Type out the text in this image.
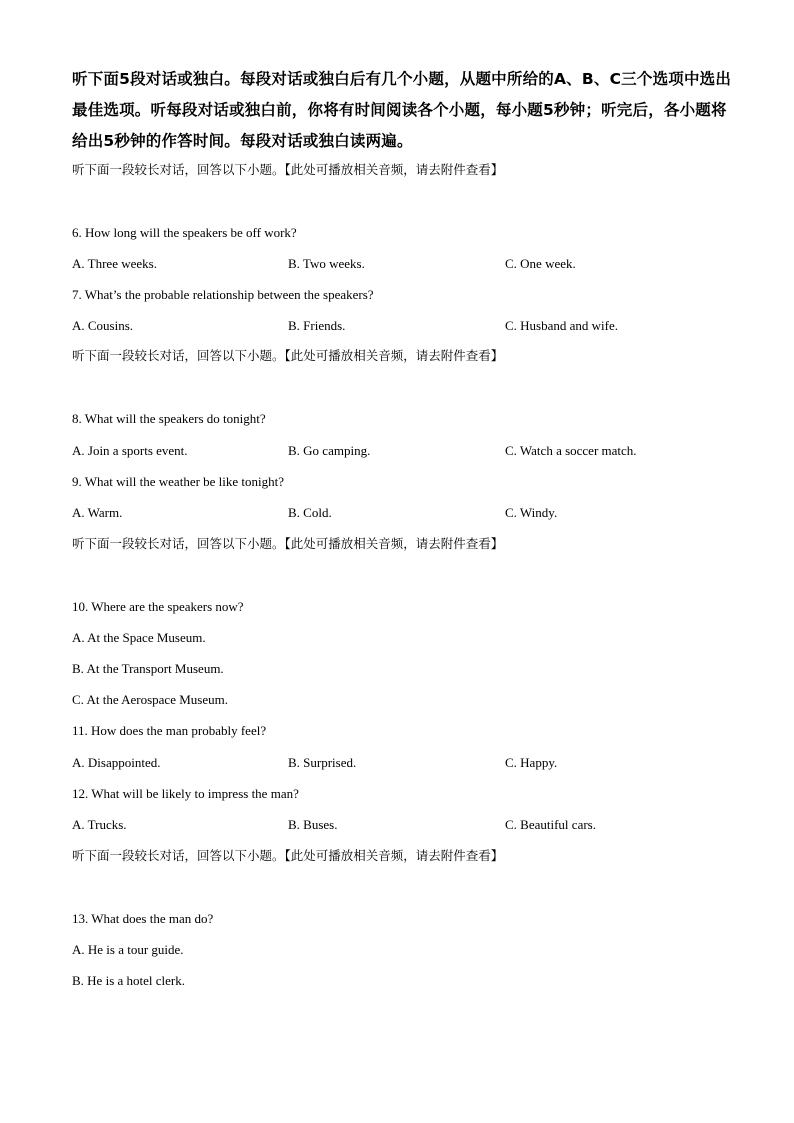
听下面5段对话或独白。每段对话或独白后有几个小题，从题中所给的A、B、C三个选项中选出最佳选项。听每段对话或独白前，你将有时间阅读各个小题，每小题5秒钟；听完后，各小题将给出5秒钟的作答时间。每段对话或独白读两遍。
听下面一段较长对话，回答以下小题。【此处可播放相关音频，请去附件查看】
6. How long will the speakers be off work?
A. Three weeks.	B. Two weeks.	C. One week.
7. What’s the probable relationship between the speakers?
A. Cousins.	B. Friends.	C. Husband and wife.
听下面一段较长对话，回答以下小题。【此处可播放相关音频，请去附件查看】
8. What will the speakers do tonight?
A. Join a sports event.	B. Go camping.	C. Watch a soccer match.
9. What will the weather be like tonight?
A. Warm.	B. Cold.	C. Windy.
听下面一段较长对话，回答以下小题。【此处可播放相关音频，请去附件查看】
10. Where are the speakers now?
A. At the Space Museum.
B. At the Transport Museum.
C. At the Aerospace Museum.
11. How does the man probably feel?
A. Disappointed.	B. Surprised.	C. Happy.
12. What will be likely to impress the man?
A. Trucks.	B. Buses.	C. Beautiful cars.
听下面一段较长对话，回答以下小题。【此处可播放相关音频，请去附件查看】
13. What does the man do?
A. He is a tour guide.
B. He is a hotel clerk.
